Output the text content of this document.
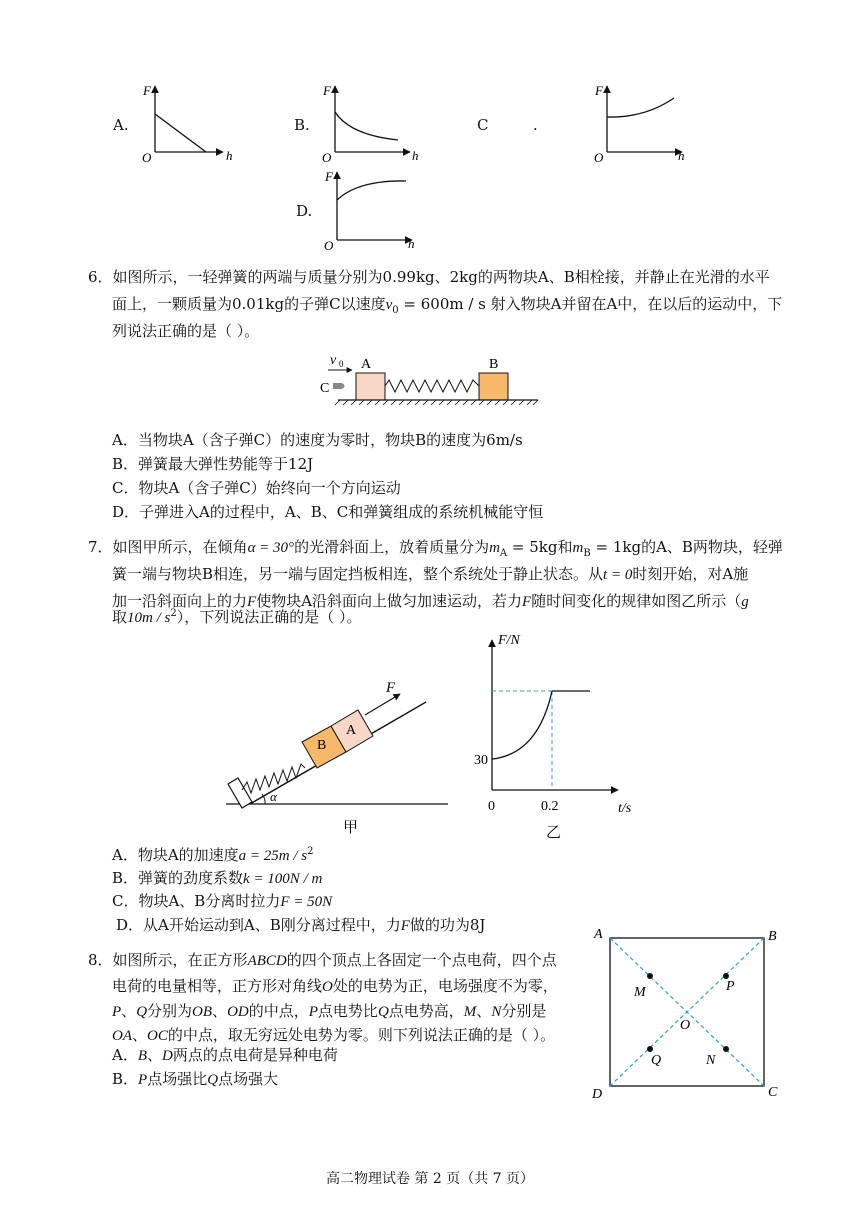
A.
F
O	h
B.
F
O	h
C	.
F
O	h
D.
F
O	h
6．如图所示，一轻弹簧的两端与质量分别为0.99kg、2kg的两物块A、B相栓接，并静止在光滑的水平
面上，一颗质量为0.01kg的子弹C以速度$v_0 = 600m / s$ 射入物块A并留在A中，在以后的运动中，下
列说法正确的是（ ）。
v 0 A	B
C
A．当物块A（含子弹C）的速度为零时，物块B的速度为6m/s
B．弹簧最大弹性势能等于12J
C．物块A（含子弹C）始终向一个方向运动
D．子弹进入A的过程中，A、B、C和弹簧组成的系统机械能守恒
7．如图甲所示，在倾角α = 30°的光滑斜面上，放着质量分为$m_A = 5kg$和$m_B = 1kg$的A、B两物块，轻弹
簧一端与物块B相连，另一端与固定挡板相连，整个系统处于静止状态。从t = 0时刻开始，对A施
加一沿斜面向上的力F使物块A沿斜面向上做匀加速运动，若力F随时间变化的规律如图乙所示（g
取$10m / s^2$），下列说法正确的是（ ）。
B
A
F
α
甲
F/N
t/s
0
30
0.2
乙
A．物块A的加速度$a = 25m / s^2$
B．弹簧的劲度系数k = 100N / m
C．物块A、B分离时拉力F = 50N
D．从A开始运动到A、B刚分离过程中，力F做的功为8J
8．如图所示，在正方形ABCD的四个顶点上各固定一个点电荷，四个点
电荷的电量相等，正方形对角线O处的电势为正，电场强度不为零，
P、Q分别为OB、OD的中点，P点电势比Q点电势高，M、N分别是
OA、OC的中点，取无穷远处电势为零。则下列说法正确的是（ ）。
A．B、D两点的点电荷是异种电荷
B．P点场强比Q点场强大
A	B
C
D
M	P
O
Q	N
高二物理试卷 第 2 页（共 7 页）
